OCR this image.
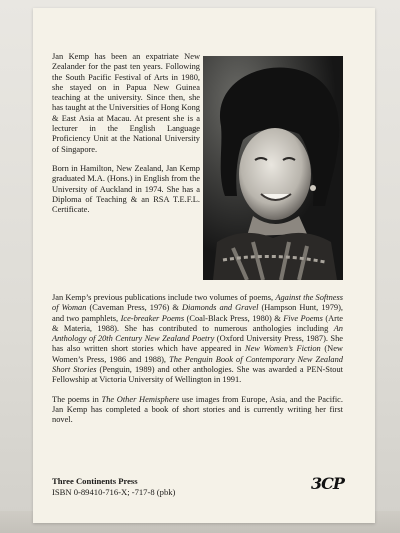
Jan Kemp has been an expatriate New Zealander for the past ten years. Following the South Pacific Festival of Arts in 1980, she stayed on in Papua New Guinea teaching at the university. Since then, she has taught at the Universities of Hong Kong & East Asia at Macau. At present she is a lecturer in the English Language Proficiency Unit at the National University of Singapore.

Born in Hamilton, New Zealand, Jan Kemp graduated M.A. (Hons.) in English from the University of Auckland in 1974. She has a Diploma of Teaching & an RSA T.E.F.L. Certificate.

Jan Kemp’s previous publications include two volumes of poems, Against the Softness of Woman (Caveman Press, 1976) & Diamonds and Gravel (Hampson Hunt, 1979), and two pamphlets, Ice-breaker Poems (Coal-Black Press, 1980) & Five Poems (Arte & Materia, 1988). She has contributed to numerous anthologies including An Anthology of 20th Century New Zealand Poetry (Oxford University Press, 1987). She has also written short stories which have appeared in New Women’s Fiction (New Women’s Press, 1986 and 1988), The Penguin Book of Contemporary New Zealand Short Stories (Penguin, 1989) and other anthologies. She was awarded a PEN-Stout Fellowship at Victoria University of Wellington in 1991.

The poems in The Other Hemisphere use images from Europe, Asia, and the Pacific. Jan Kemp has completed a book of short stories and is currently writing her first novel.

Three Continents Press
ISBN 0-89410-716-X; -717-8 (pbk)	3CP
